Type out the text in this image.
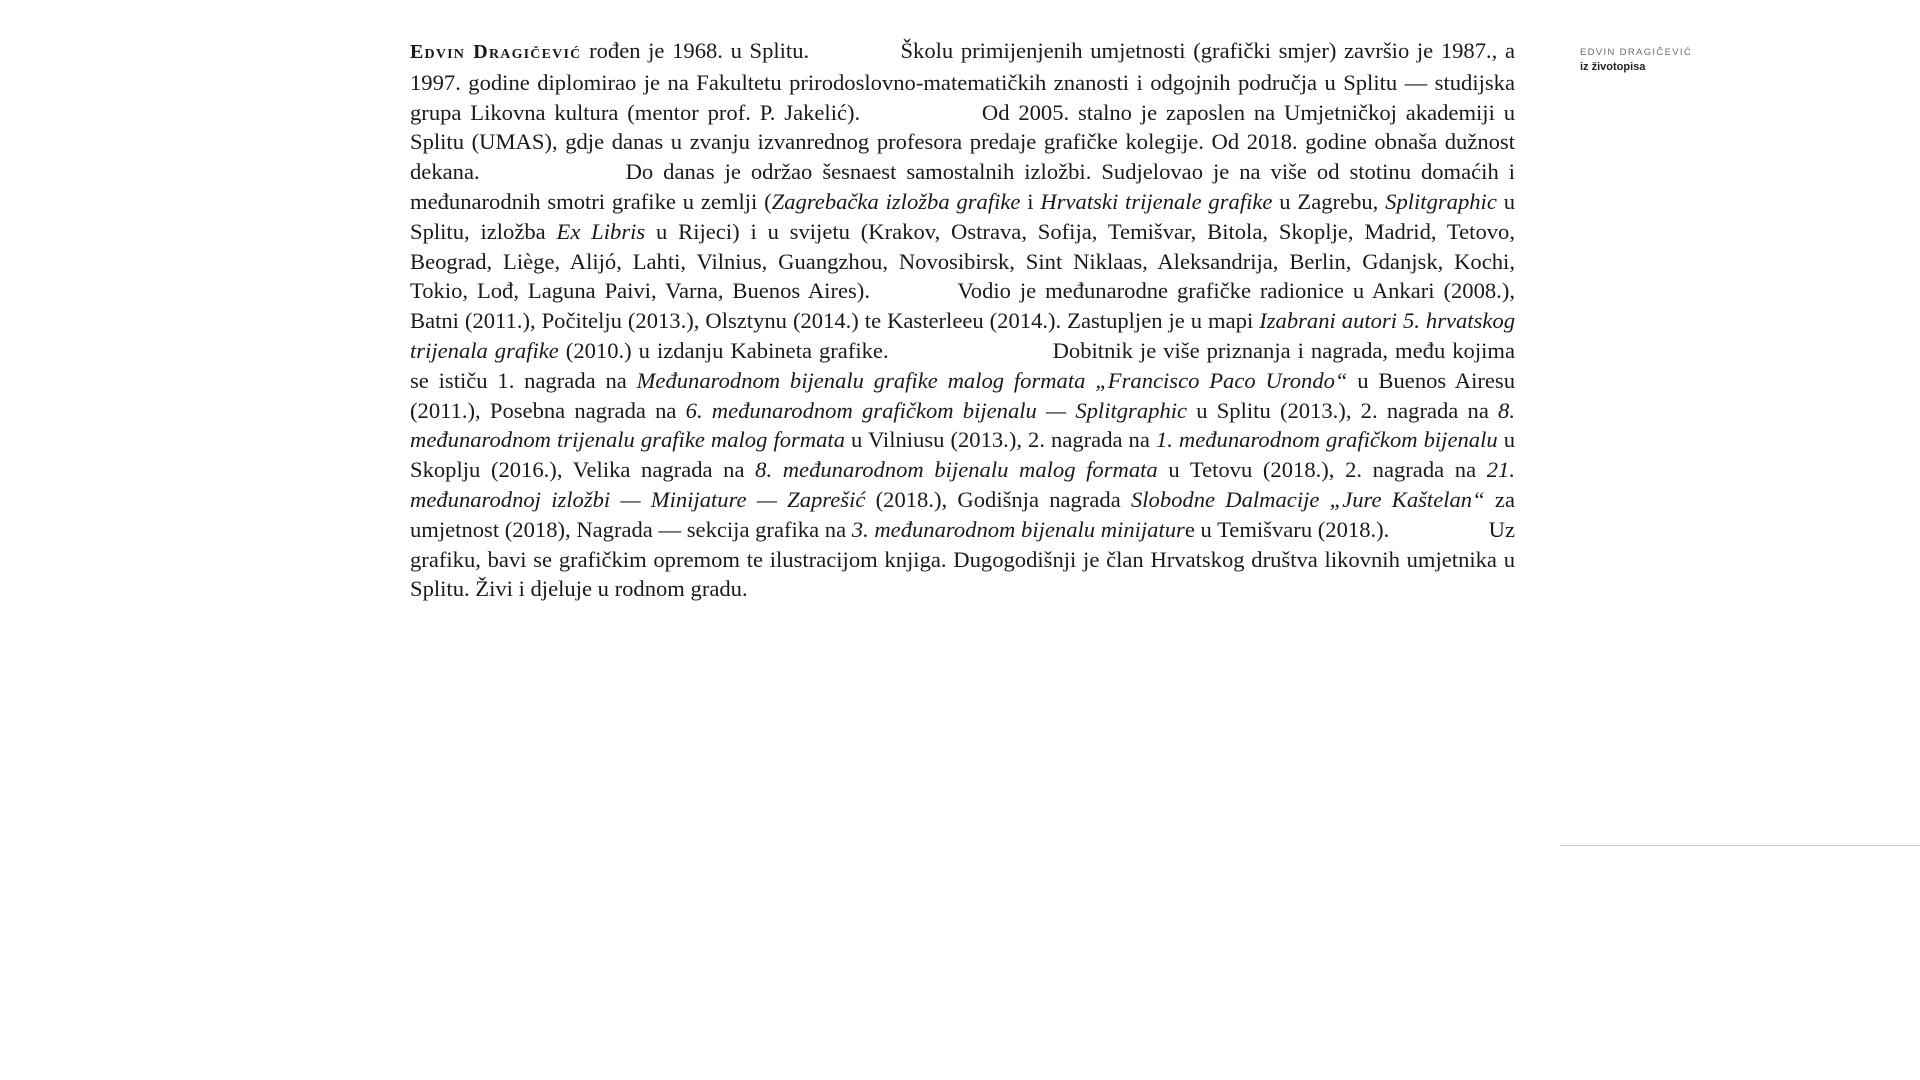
Edvin Dragičević rođen je 1968. u Splitu.	Školu primijenjenih umjetnosti (grafički smjer) završio je 1987., a 1997. godine diplomirao je na Fakultetu prirodoslovno-matematičkih znanosti i odgojnih područja u Splitu — studijska grupa Likovna kultura (mentor prof. P. Jakelić).	Od 2005. stalno je zaposlen na Umjetničkoj akademiji u Splitu (UMAS), gdje danas u zvanju izvanrednog profesora predaje grafičke kolegije. Od 2018. godine obnaša dužnost dekana.	Do danas je održao šesnaest samostalnih izložbi. Sudjelovao je na više od stotinu domaćih i međunarodnih smotri grafike u zemlji (Zagrebačka izložba grafike i Hrvatski trijenale grafike u Zagrebu, Splitgraphic u Splitu, izložba Ex Libris u Rijeci) i u svijetu (Krakov, Ostrava, Sofija, Temišvar, Bitola, Skoplje, Madrid, Tetovo, Beograd, Liège, Alijó, Lahti, Vilnius, Guangzhou, Novosibirsk, Sint Niklaas, Aleksandrija, Berlin, Gdanjsk, Kochi, Tokio, Lođ, Laguna Paivi, Varna, Buenos Aires).	Vodio je međunarodne grafičke radionice u Ankari (2008.), Batni (2011.), Počitelju (2013.), Olsztynu (2014.) te Kasterleeu (2014.). Zastupljen je u mapi Izabrani autori 5. hrvatskog trijenala grafike (2010.) u izdanju Kabineta grafike.	Dobitnik je više priznanja i nagrada, među kojima se ističu 1. nagrada na Međunarodnom bijenalu grafike malog formata „Francisco Paco Urondo“ u Buenos Airesu (2011.), Posebna nagrada na 6. međunarodnom grafičkom bijenalu — Splitgraphic u Splitu (2013.), 2. nagrada na 8. međunarodnom trijenalu grafike malog formata u Vilniusu (2013.), 2. nagrada na 1. međunarodnom grafičkom bijenalu u Skoplju (2016.), Velika nagrada na 8. međunarodnom bijenalu malog formata u Tetovu (2018.), 2. nagrada na 21. međunarodnoj izložbi — Minijature — Zaprešić (2018.), Godišnja nagrada Slobodne Dalmacije „Jure Kaštelan“ za umjetnost (2018), Nagrada — sekcija grafika na 3. međunarodnom bijenalu minijature u Temišvaru (2018.).	Uz grafiku, bavi se grafičkim opremom te ilustracijom knjiga. Dugogodišnji je član Hrvatskog društva likovnih umjetnika u Splitu. Živi i djeluje u rodnom gradu.

EDVIN DRAGIČEVIĆ
iz životopisa
